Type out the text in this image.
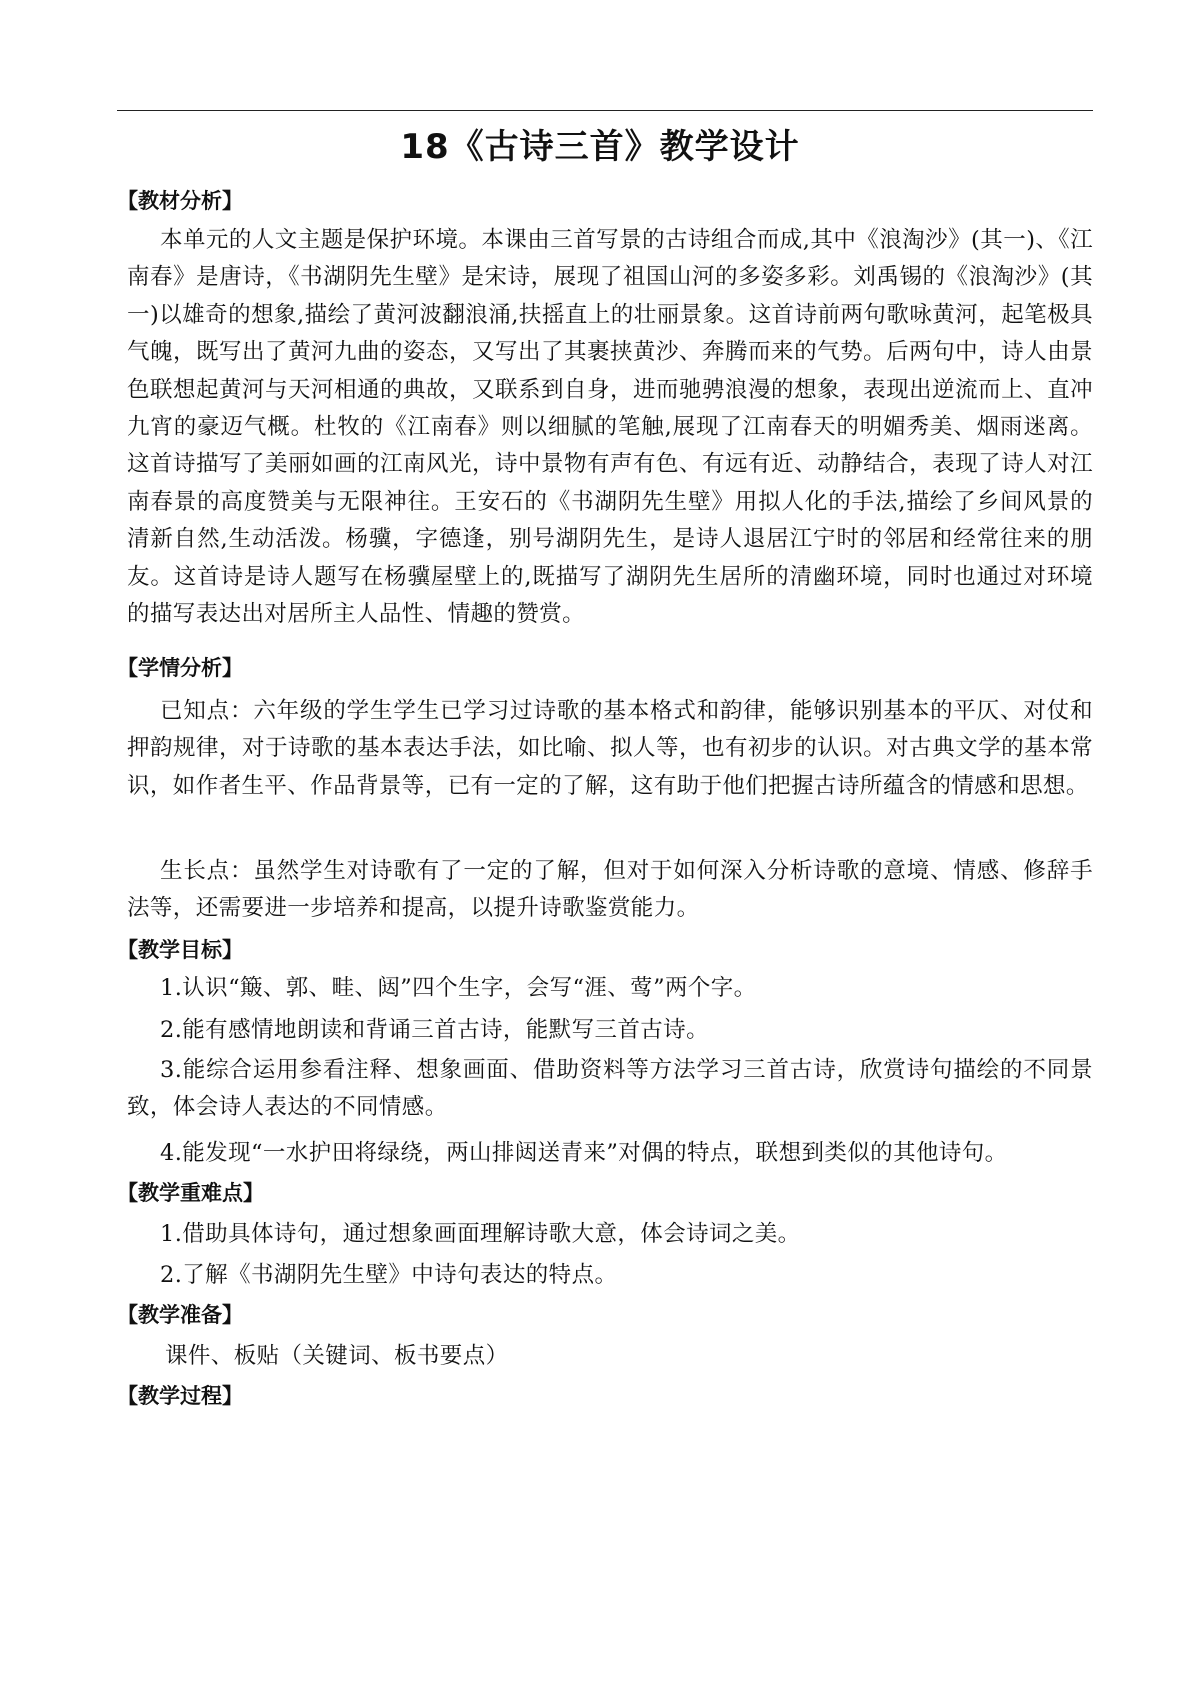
18《古诗三首》教学设计
【教材分析】
本单元的人文主题是保护环境。本课由三首写景的古诗组合而成,其中《浪淘沙》(其一)、《江南春》是唐诗，《书湖阴先生壁》是宋诗，展现了祖国山河的多姿多彩。刘禹锡的《浪淘沙》(其一)以雄奇的想象,描绘了黄河波翻浪涌,扶摇直上的壮丽景象。这首诗前两句歌咏黄河，起笔极具气魄，既写出了黄河九曲的姿态，又写出了其裹挟黄沙、奔腾而来的气势。后两句中，诗人由景色联想起黄河与天河相通的典故，又联系到自身，进而驰骋浪漫的想象，表现出逆流而上、直冲九宵的豪迈气概。杜牧的《江南春》则以细腻的笔触,展现了江南春天的明媚秀美、烟雨迷离。这首诗描写了美丽如画的江南风光，诗中景物有声有色、有远有近、动静结合，表现了诗人对江南春景的高度赞美与无限神往。王安石的《书湖阴先生壁》用拟人化的手法,描绘了乡间风景的清新自然,生动活泼。杨骥，字德逢，别号湖阴先生，是诗人退居江宁时的邻居和经常往来的朋友。这首诗是诗人题写在杨骥屋壁上的,既描写了湖阴先生居所的清幽环境，同时也通过对环境的描写表达出对居所主人品性、情趣的赞赏。
【学情分析】
已知点：六年级的学生学生已学习过诗歌的基本格式和韵律，能够识别基本的平仄、对仗和押韵规律，对于诗歌的基本表达手法，如比喻、拟人等，也有初步的认识。对古典文学的基本常识，如作者生平、作品背景等，已有一定的了解，这有助于他们把握古诗所蕴含的情感和思想。
生长点：虽然学生对诗歌有了一定的了解，但对于如何深入分析诗歌的意境、情感、修辞手法等，还需要进一步培养和提高，以提升诗歌鉴赏能力。
【教学目标】
1.认识“簸、郭、畦、闼”四个生字，会写“涯、莺”两个字。
2.能有感情地朗读和背诵三首古诗，能默写三首古诗。
3.能综合运用参看注释、想象画面、借助资料等方法学习三首古诗，欣赏诗句描绘的不同景致，体会诗人表达的不同情感。
4.能发现“一水护田将绿绕，两山排闼送青来”对偶的特点，联想到类似的其他诗句。
【教学重难点】
1.借助具体诗句，通过想象画面理解诗歌大意，体会诗词之美。
2.了解《书湖阴先生壁》中诗句表达的特点。
【教学准备】
课件、板贴（关键词、板书要点）
【教学过程】
